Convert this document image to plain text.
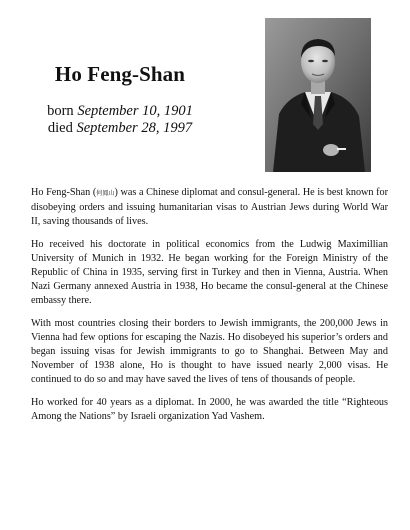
Ho Feng-Shan
born September 10, 1901
died September 28, 1997

Ho Feng-Shan (何鳳山) was a Chinese diplomat and consul-general. He is best known for disobeying orders and issuing humanitarian visas to Austrian Jews during World War II, saving thousands of lives.

Ho received his doctorate in political economics from the Ludwig Maximillian University of Munich in 1932. He began working for the Foreign Ministry of the Republic of China in 1935, serving first in Turkey and then in Vienna, Austria. When Nazi Germany annexed Austria in 1938, Ho became the consul-general at the Chinese embassy there.

With most countries closing their borders to Jewish immigrants, the 200,000 Jews in Vienna had few options for escaping the Nazis. Ho disobeyed his superior’s orders and began issuing visas for Jewish immigrants to go to Shanghai. Between May and November of 1938 alone, Ho is thought to have issued nearly 2,000 visas. He continued to do so and may have saved the lives of tens of thousands of people.

Ho worked for 40 years as a diplomat. In 2000, he was awarded the title “Righteous Among the Nations” by Israeli organization Yad Vashem.
